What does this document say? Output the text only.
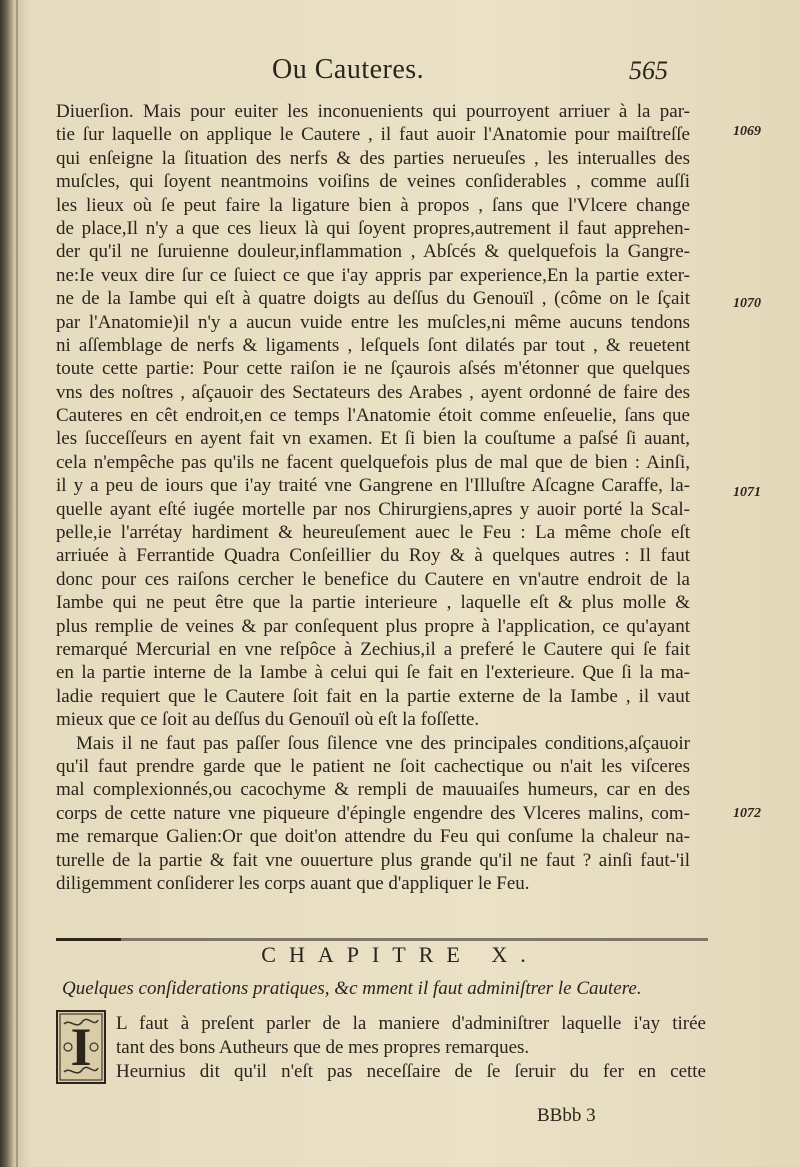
Ou Cauteres.	565
Diuerſion. Mais pour euiter les inconuenients qui pourroyent arriuer à la par-
tie ſur laquelle on applique le Cautere , il faut auoir l'Anatomie pour maiſtreſſe
qui enſeigne la ſituation des nerfs & des parties nerueuſes , les interualles des
muſcles, qui ſoyent neantmoins voiſins de veines conſiderables , comme auſſi
les lieux où ſe peut faire la ligature bien à propos , ſans que l'Vlcere change
de place,Il n'y a que ces lieux là qui ſoyent propres,autrement il faut apprehen-
der qu'il ne ſuruienne douleur,inflammation , Abſcés & quelquefois la Gangre-
ne:Ie veux dire ſur ce ſuiect ce que i'ay appris par experience,En la partie exter-
ne de la Iambe qui eſt à quatre doigts au deſſus du Genouïl , (côme on le ſçait
par l'Anatomie)il n'y a aucun vuide entre les muſcles,ni même aucuns tendons
ni aſſemblage de nerfs & ligaments , leſquels ſont dilatés par tout , & reuetent
toute cette partie: Pour cette raiſon ie ne ſçaurois aſsés m'étonner que quelques
vns des noſtres , aſçauoir des Sectateurs des Arabes , ayent ordonné de faire des
Cauteres en cêt endroit,en ce temps l'Anatomie étoit comme enſeuelie, ſans que
les ſucceſſeurs en ayent fait vn examen. Et ſi bien la couſtume a paſsé ſi auant,
cela n'empêche pas qu'ils ne facent quelquefois plus de mal que de bien : Ainſi,
il y a peu de iours que i'ay traité vne Gangrene en l'Illuſtre Aſcagne Caraffe, la-
quelle ayant eſté iugée mortelle par nos Chirurgiens,apres y auoir porté la Scal-
pelle,ie l'arrétay hardiment & heureuſement auec le Feu : La même choſe eſt
arriuée à Ferrantide Quadra Conſeillier du Roy & à quelques autres : Il faut
donc pour ces raiſons cercher le benefice du Cautere en vn'autre endroit de la
Iambe qui ne peut être que la partie interieure , laquelle eſt & plus molle &
plus remplie de veines & par conſequent plus propre à l'application, ce qu'ayant
remarqué Mercurial en vne reſpôce à Zechius,il a preferé le Cautere qui ſe fait
en la partie interne de la Iambe à celui qui ſe fait en l'exterieure. Que ſi la ma-
ladie requiert que le Cautere ſoit fait en la partie externe de la Iambe , il vaut
mieux que ce ſoit au deſſus du Genouïl où eſt la foſſette.
Mais il ne faut pas paſſer ſous ſilence vne des principales conditions,aſçauoir
qu'il faut prendre garde que le patient ne ſoit cachectique ou n'ait les viſceres
mal complexionnés,ou cacochyme & rempli de mauuaiſes humeurs, car en des
corps de cette nature vne piqueure d'épingle engendre des Vlceres malins, com-
me remarque Galien:Or que doit'on attendre du Feu qui conſume la chaleur na-
turelle de la partie & fait vne ouuerture plus grande qu'il ne faut ? ainſi faut-'il
diligemment conſiderer les corps auant que d'appliquer le Feu.
1069
1070
1071
1072
CHAPITRE X.
Quelques conſiderations pratiques, &c mment il faut adminiſtrer le Cautere.
I	L faut à preſent parler de la maniere d'adminiſtrer laquelle i'ay tirée
tant des bons Autheurs que de mes propres remarques.
Heurnius dit qu'il n'eſt pas neceſſaire de ſe ſeruir du fer en cette
BBbb 3
